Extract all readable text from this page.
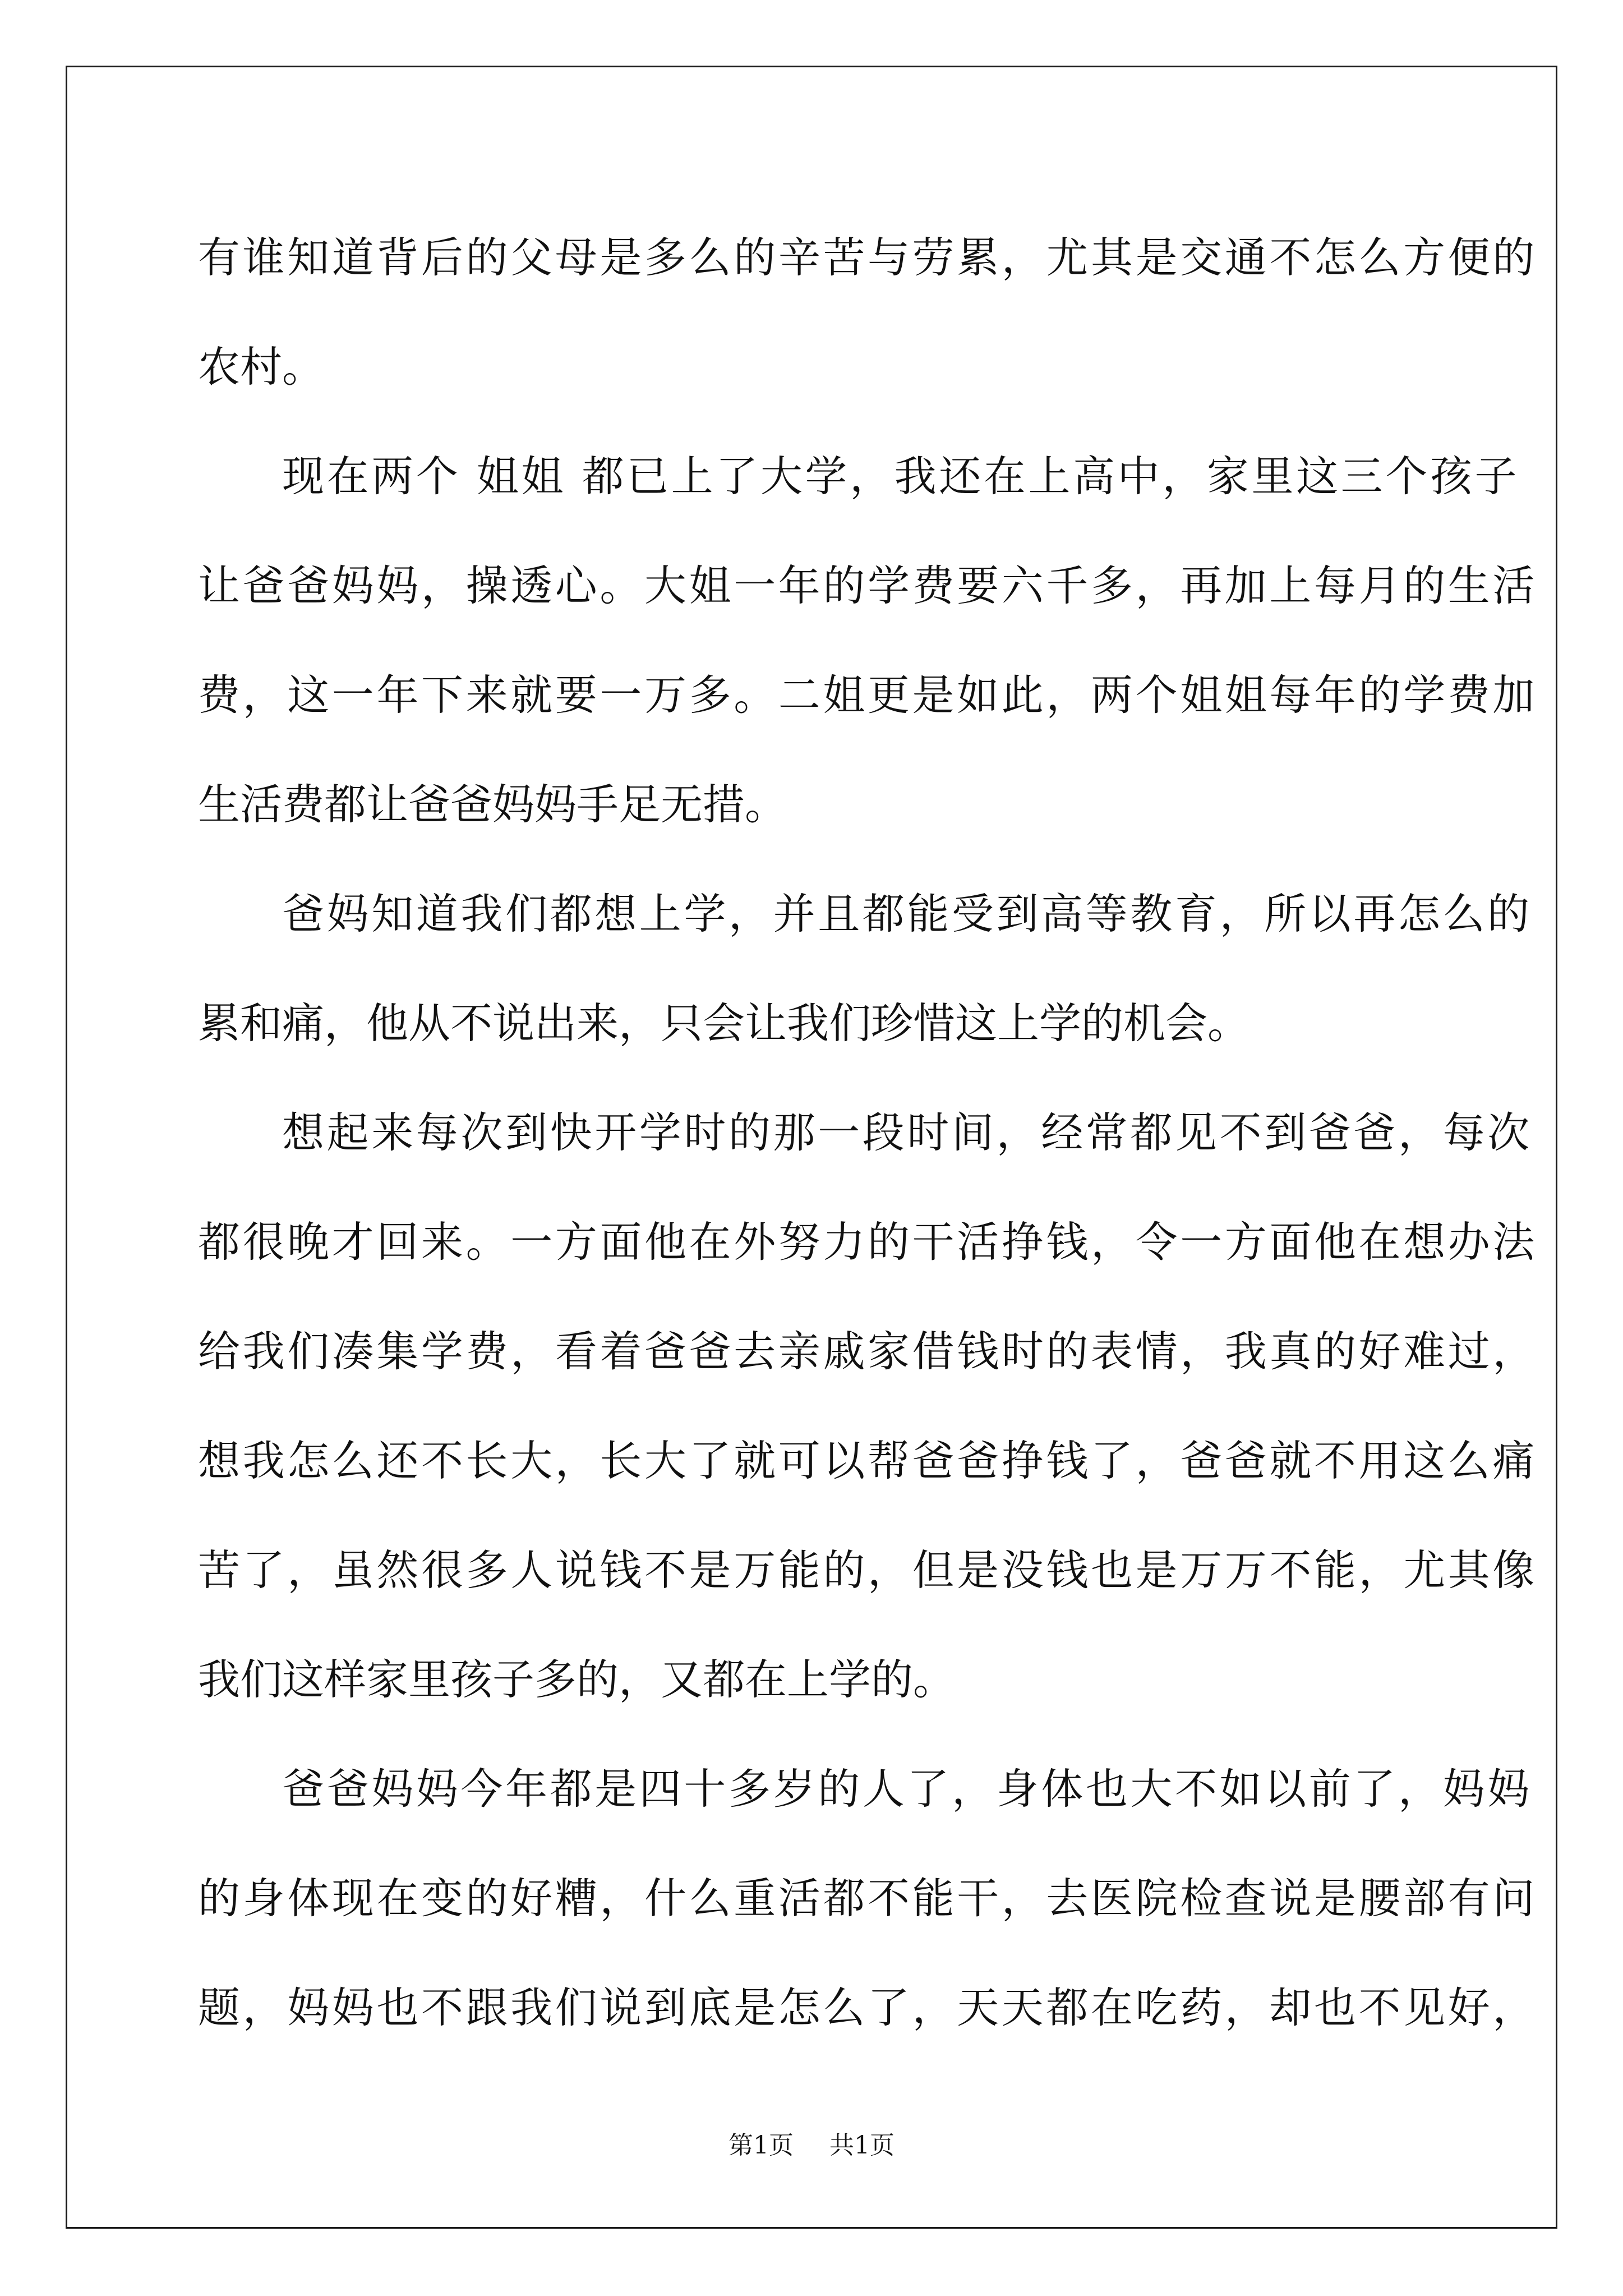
有谁知道背后的父母是多么的辛苦与劳累，尤其是交通不怎么方便的
农村。
现在两个 姐姐 都已上了大学，我还在上高中，家里这三个孩子
让爸爸妈妈，操透心。大姐一年的学费要六千多，再加上每月的生活
费，这一年下来就要一万多。二姐更是如此，两个姐姐每年的学费加
生活费都让爸爸妈妈手足无措。
爸妈知道我们都想上学，并且都能受到高等教育，所以再怎么的
累和痛，他从不说出来，只会让我们珍惜这上学的机会。
想起来每次到快开学时的那一段时间，经常都见不到爸爸，每次
都很晚才回来。一方面他在外努力的干活挣钱，令一方面他在想办法
给我们凑集学费，看着爸爸去亲戚家借钱时的表情，我真的好难过，
想我怎么还不长大，长大了就可以帮爸爸挣钱了，爸爸就不用这么痛
苦了，虽然很多人说钱不是万能的，但是没钱也是万万不能，尤其像
我们这样家里孩子多的，又都在上学的。
爸爸妈妈今年都是四十多岁的人了，身体也大不如以前了，妈妈
的身体现在变的好糟，什么重活都不能干，去医院检查说是腰部有问
题，妈妈也不跟我们说到底是怎么了，天天都在吃药，却也不见好，
第1页 共1页
